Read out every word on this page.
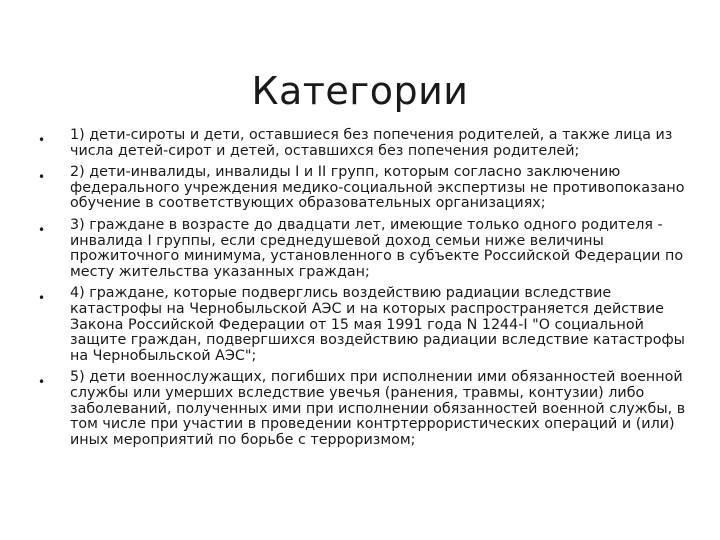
Категории
•	1) дети-сироты и дети, оставшиеся без попечения родителей, а также лица из числа детей-сирот и детей, оставшихся без попечения родителей;
•	2) дети-инвалиды, инвалиды I и II групп, которым согласно заключению федерального учреждения медико-социальной экспертизы не противопоказано обучение в соответствующих образовательных организациях;
•	3) граждане в возрасте до двадцати лет, имеющие только одного родителя - инвалида I группы, если среднедушевой доход семьи ниже величины прожиточного минимума, установленного в субъекте Российской Федерации по месту жительства указанных граждан;
•	4) граждане, которые подверглись воздействию радиации вследствие катастрофы на Чернобыльской АЭС и на которых распространяется действие Закона Российской Федерации от 15 мая 1991 года N 1244-I "О социальной защите граждан, подвергшихся воздействию радиации вследствие катастрофы на Чернобыльской АЭС";
•	5) дети военнослужащих, погибших при исполнении ими обязанностей военной службы или умерших вследствие увечья (ранения, травмы, контузии) либо заболеваний, полученных ими при исполнении обязанностей военной службы, в том числе при участии в проведении контртеррористических операций и (или) иных мероприятий по борьбе с терроризмом;
